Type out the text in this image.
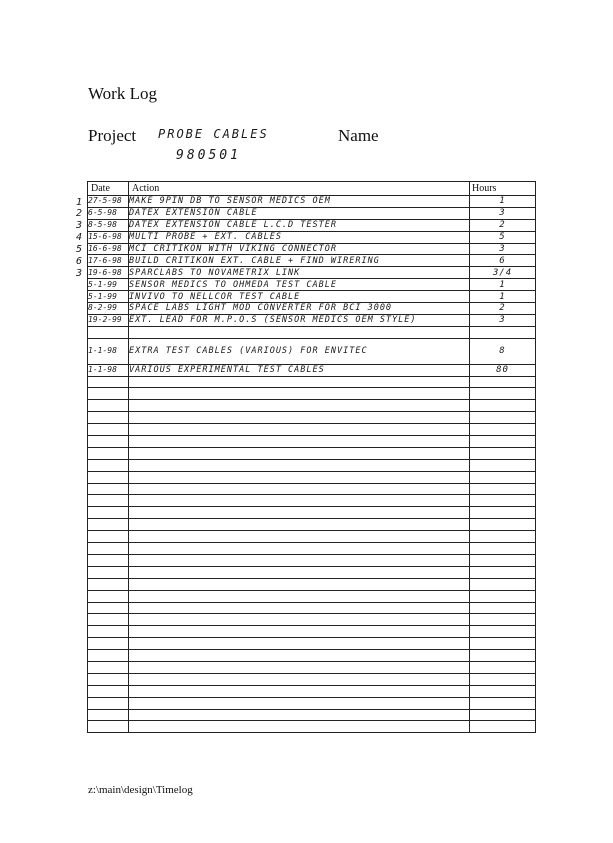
Work Log
Project PROBE CABLES
980501
Name
1
2
3
4
5
6
3
Date	Action	Hours
27-5-98	MAKE 9PIN DB TO SENSOR MEDICS OEM	1
6-5-98	DATEX EXTENSION CABLE	3
8-5-98	DATEX EXTENSION CABLE L.C.D TESTER	2
15-6-98	MULTI PROBE + EXT. CABLES	5
16-6-98	MCI CRITIKON WITH VIKING CONNECTOR	3
17-6-98	BUILD CRITIKON EXT. CABLE + FIND WIRERING	6
19-6-98	SPARCLABS TO NOVAMETRIX LINK	3/4
5-1-99	SENSOR MEDICS TO OHMEDA TEST CABLE	1
5-1-99	INVIVO TO NELLCOR TEST CABLE	1
8-2-99	SPACE LABS LIGHT MOD CONVERTER FOR BCI 3000	2
19-2-99	EXT. LEAD FOR M.P.O.S (SENSOR MEDICS OEM STYLE)	3

1-1-98	EXTRA TEST CABLES (VARIOUS) FOR ENVITEC	8
1-1-98	VARIOUS EXPERIMENTAL TEST CABLES	80

z:\main\design\Timelog
